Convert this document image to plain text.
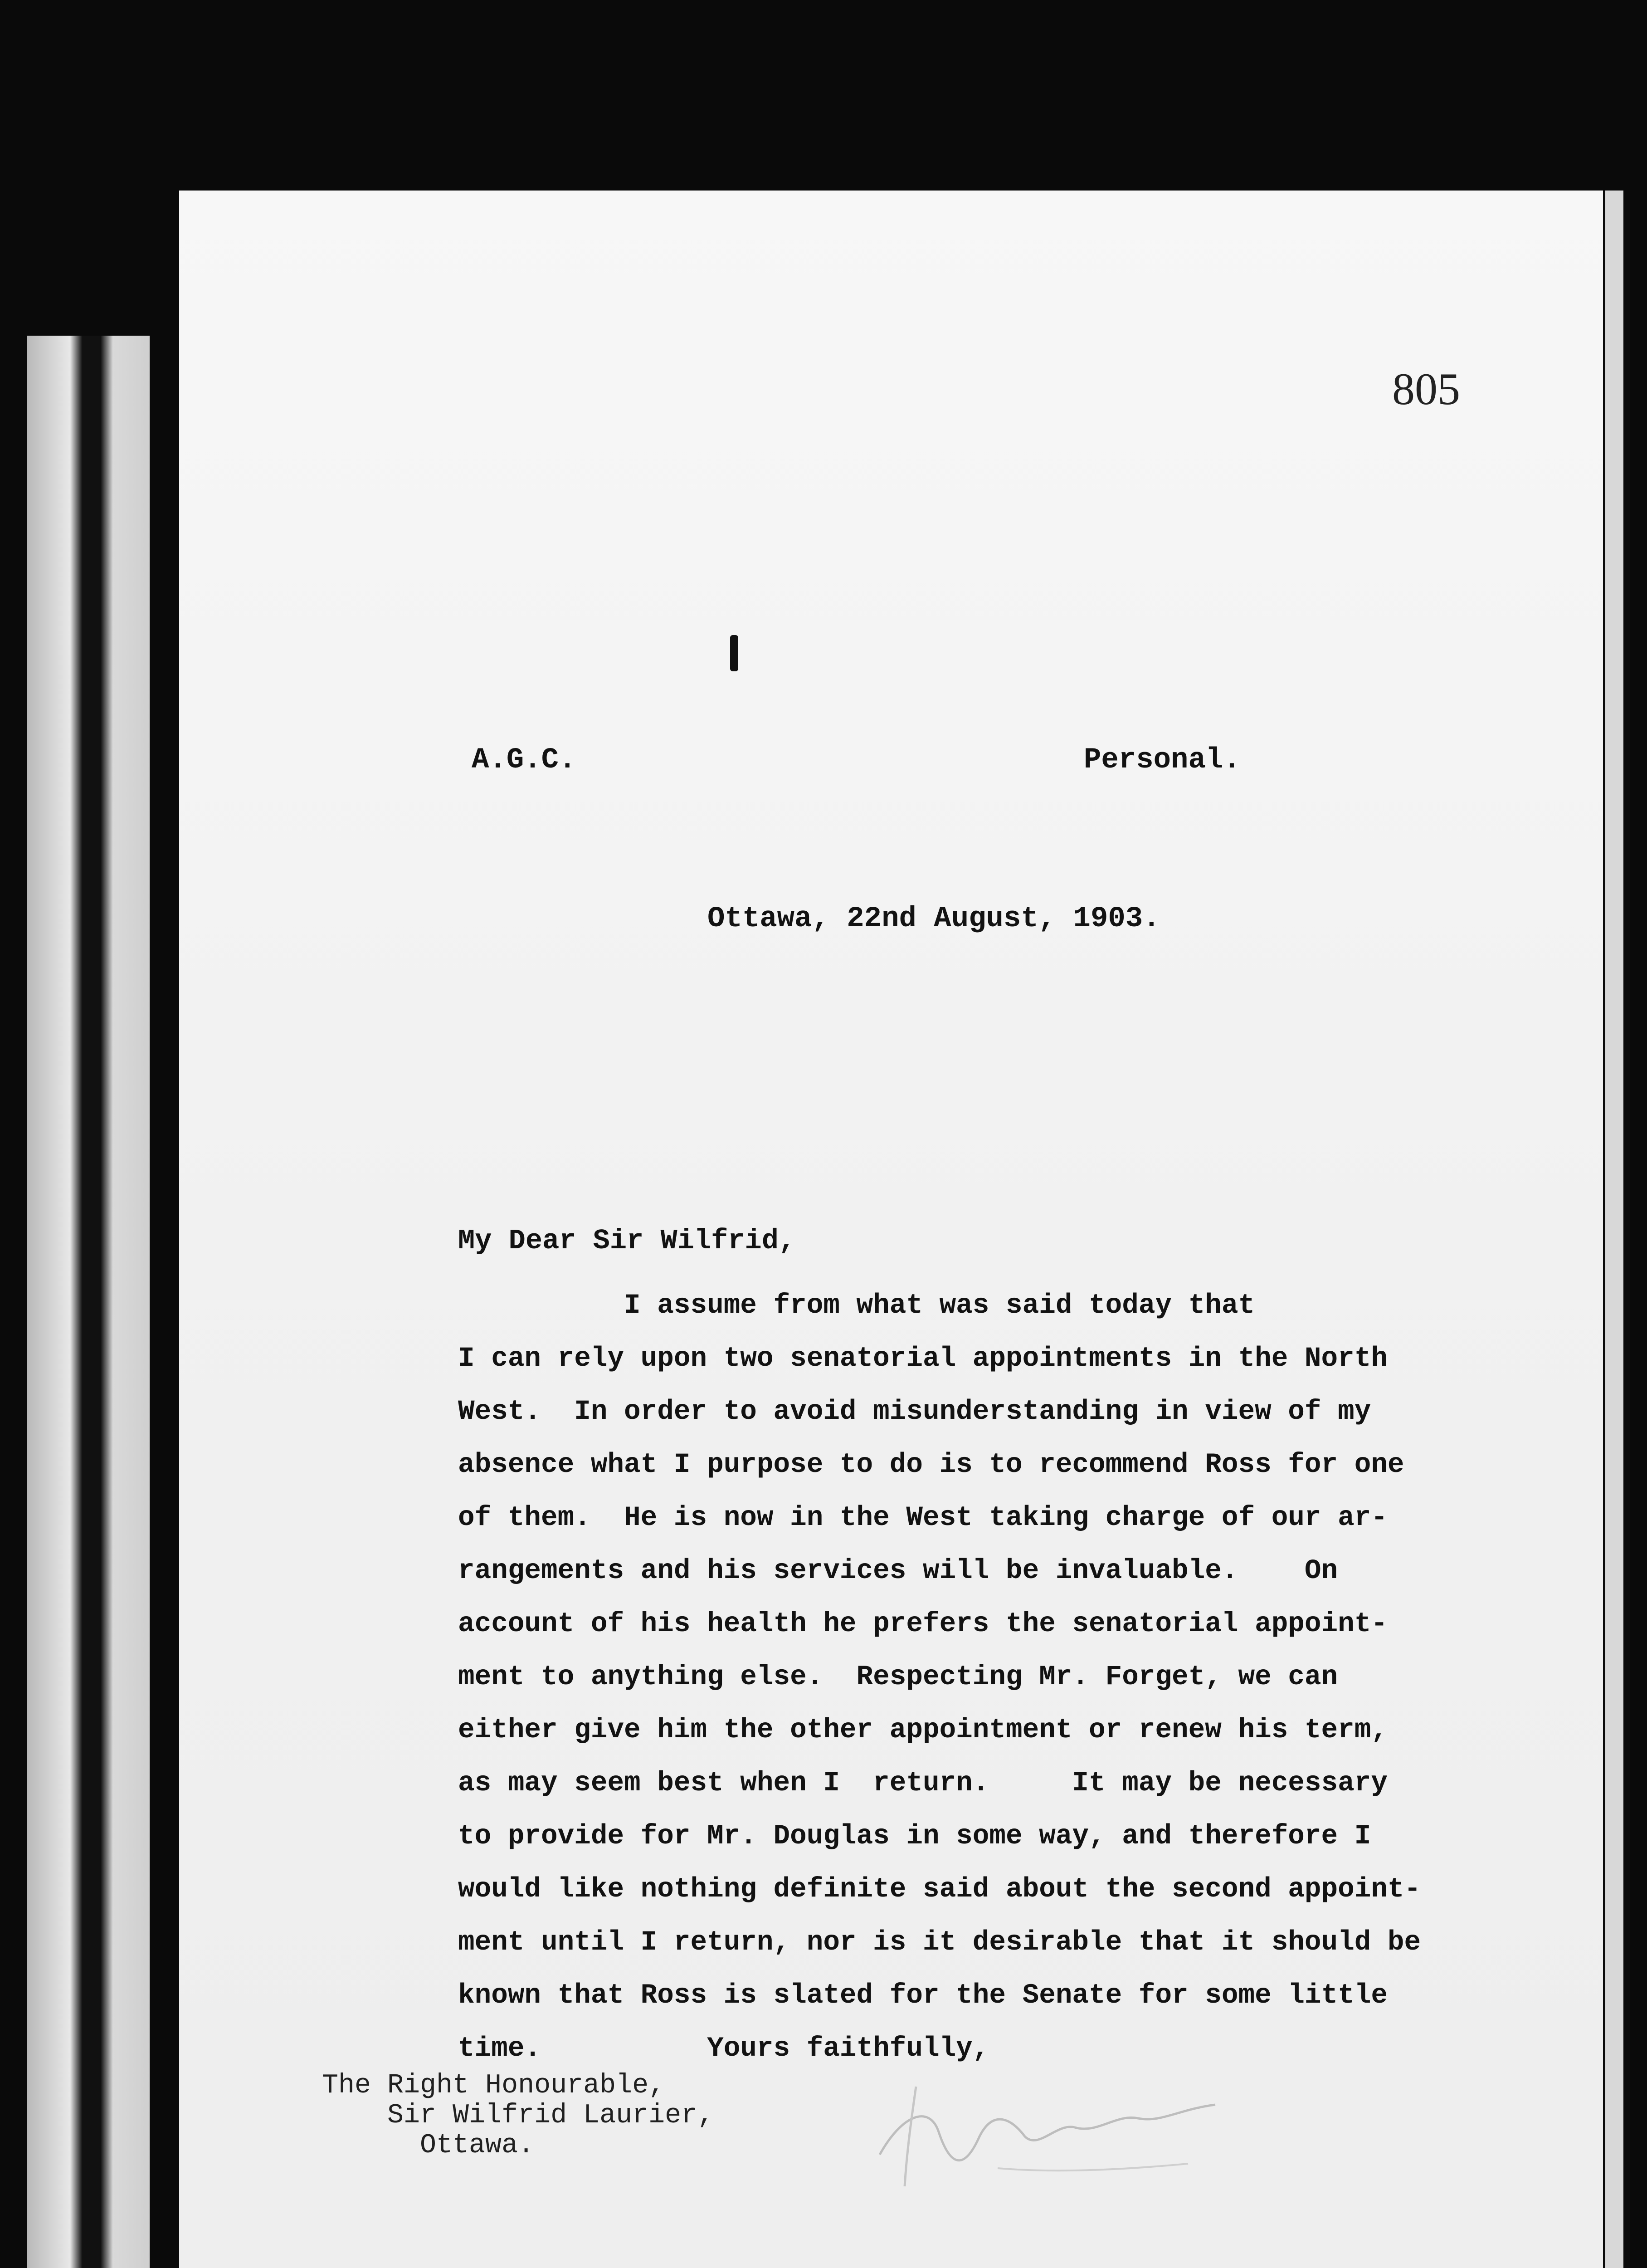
805
A.G.C.	Personal.
Ottawa, 22nd August, 1903.
My Dear Sir Wilfrid,
I assume from what was said today that
I can rely upon two senatorial appointments in the North
West.  In order to avoid misunderstanding in view of my
absence what I purpose to do is to recommend Ross for one
of them.  He is now in the West taking charge of our ar-
rangements and his services will be invaluable.    On
account of his health he prefers the senatorial appoint-
ment to anything else.  Respecting Mr. Forget, we can
either give him the other appointment or renew his term,
as may seem best when I  return.     It may be necessary
to provide for Mr. Douglas in some way, and therefore I
would like nothing definite said about the second appoint-
ment until I return, nor is it desirable that it should be
known that Ross is slated for the Senate for some little
time.          Yours faithfully,
The Right Honourable,
Sir Wilfrid Laurier,
Ottawa.
